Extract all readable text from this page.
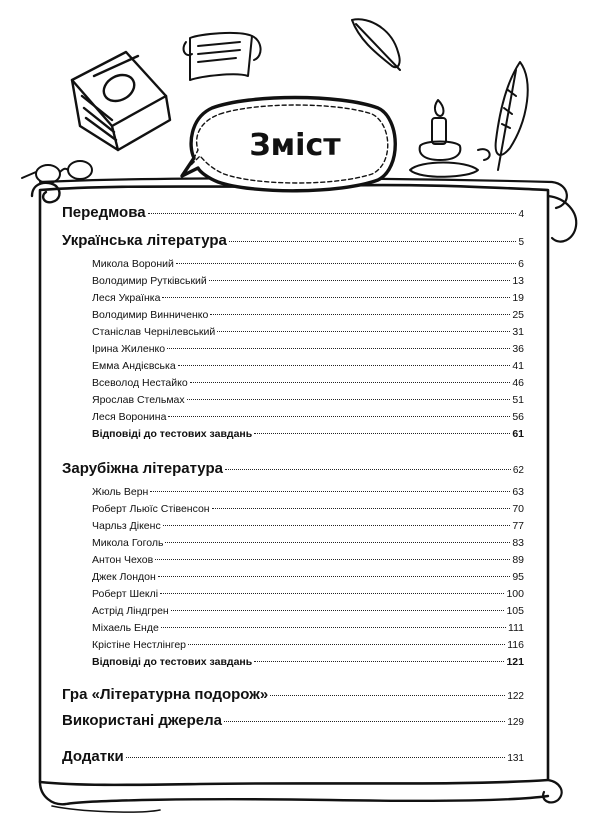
Зміст
Передмова	4
Українська література	5
Микола Вороний	6
Володимир Рутківський	13
Леся Українка	19
Володимир Винниченко	25
Станіслав Чернілевський	31
Ірина Жиленко	36
Емма Андієвська	41
Всеволод Нестайко	46
Ярослав Стельмах	51
Леся Воронина	56
Відповіді до тестових завдань	61
Зарубіжна література	62
Жюль Верн	63
Роберт Льюїс Стівенсон	70
Чарльз Дікенс	77
Микола Гоголь	83
Антон Чехов	89
Джек Лондон	95
Роберт Шеклі	100
Астрід Ліндгрен	105
Міхаель Енде	111
Крістіне Нестлінгер	116
Відповіді до тестових завдань	121
Гра «Літературна подорож»	122
Використані джерела	129
Додатки	131
